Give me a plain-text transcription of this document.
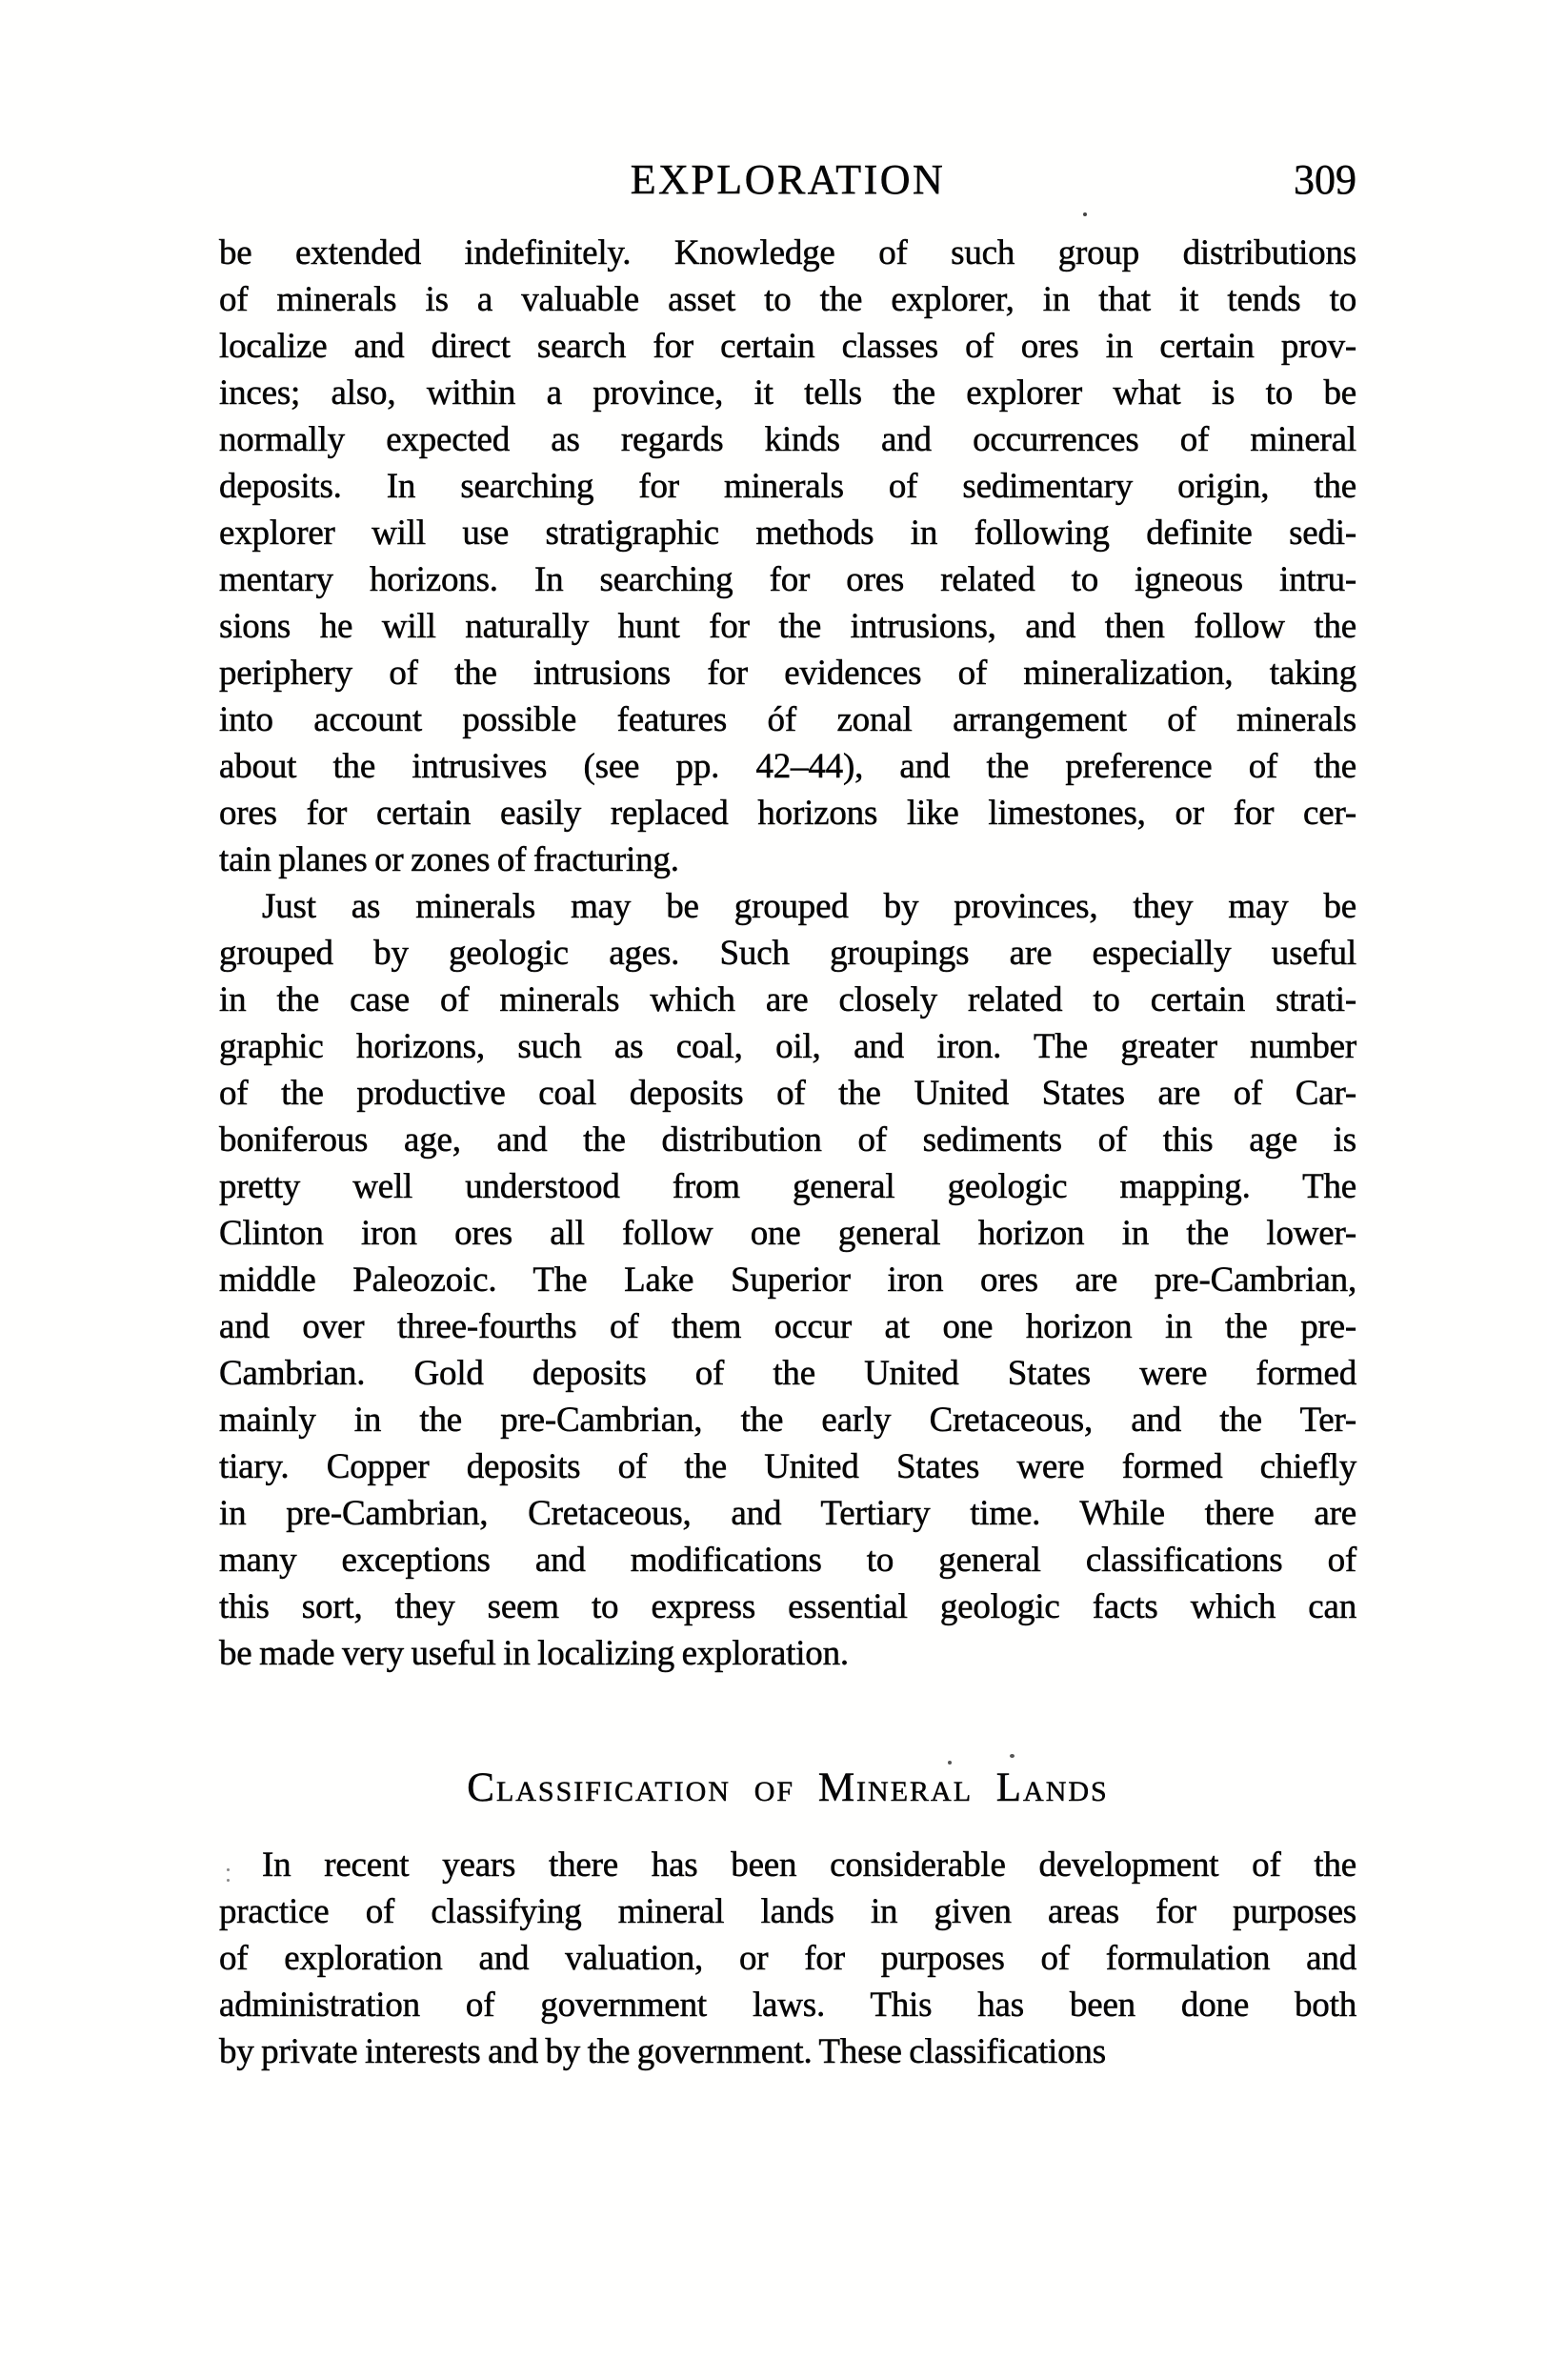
EXPLORATION	309
be extended indefinitely. Knowledge of such group distributions
of minerals is a valuable asset to the explorer, in that it tends to
localize and direct search for certain classes of ores in certain prov-
inces; also, within a province, it tells the explorer what is to be
normally expected as regards kinds and occurrences of mineral
deposits. In searching for minerals of sedimentary origin, the
explorer will use stratigraphic methods in following definite sedi-
mentary horizons. In searching for ores related to igneous intru-
sions he will naturally hunt for the intrusions, and then follow the
periphery of the intrusions for evidences of mineralization, taking
into account possible features óf zonal arrangement of minerals
about the intrusives (see pp. 42–44), and the preference of the
ores for certain easily replaced horizons like limestones, or for cer-
tain planes or zones of fracturing.
Just as minerals may be grouped by provinces, they may be
grouped by geologic ages. Such groupings are especially useful
in the case of minerals which are closely related to certain strati-
graphic horizons, such as coal, oil, and iron. The greater number
of the productive coal deposits of the United States are of Car-
boniferous age, and the distribution of sediments of this age is
pretty well understood from general geologic mapping. The
Clinton iron ores all follow one general horizon in the lower-
middle Paleozoic. The Lake Superior iron ores are pre-Cambrian,
and over three-fourths of them occur at one horizon in the pre-
Cambrian. Gold deposits of the United States were formed
mainly in the pre-Cambrian, the early Cretaceous, and the Ter-
tiary. Copper deposits of the United States were formed chiefly
in pre-Cambrian, Cretaceous, and Tertiary time. While there are
many exceptions and modifications to general classifications of
this sort, they seem to express essential geologic facts which can
be made very useful in localizing exploration.
Classification of Mineral Lands
In recent years there has been considerable development of the
practice of classifying mineral lands in given areas for purposes
of exploration and valuation, or for purposes of formulation and
administration of government laws. This has been done both
by private interests and by the government. These classifications
